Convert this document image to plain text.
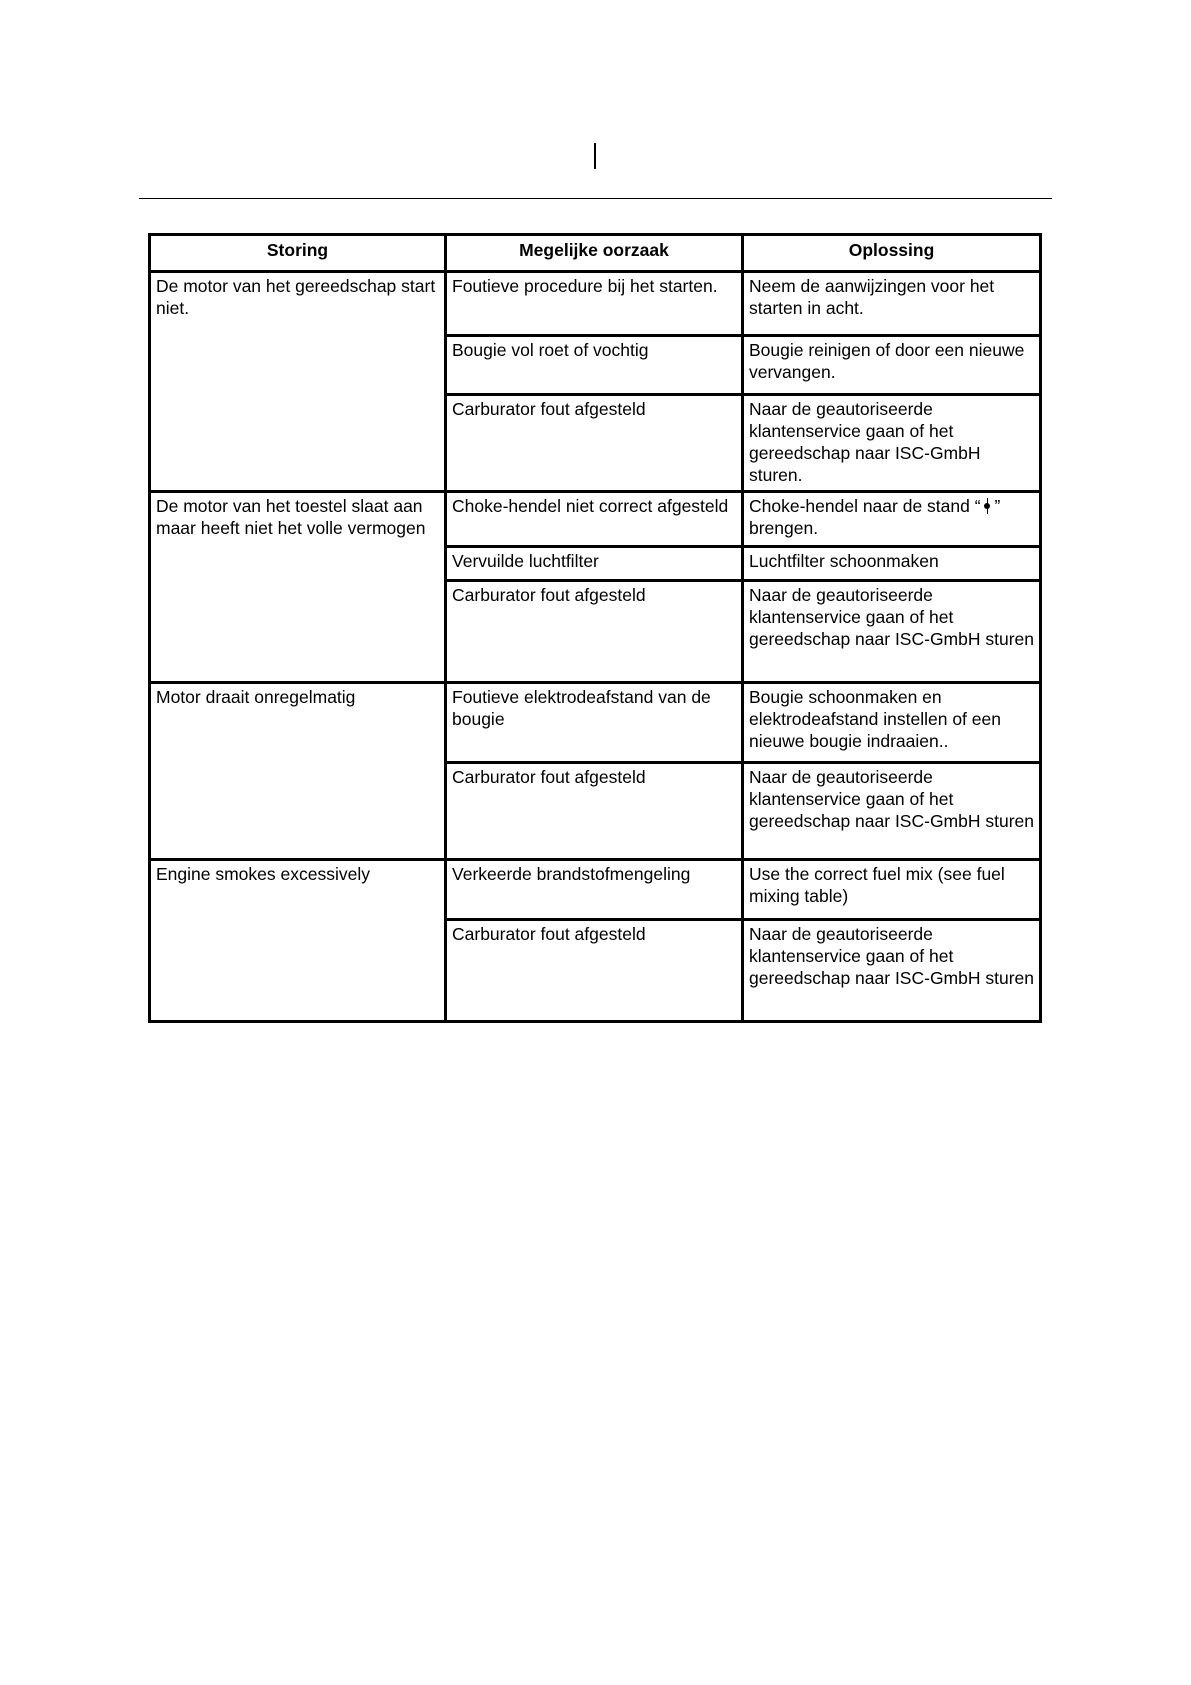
Storing	Megelijke oorzaak	Oplossing
De motor van het gereedschap start niet.	Foutieve procedure bij het starten.	Neem de aanwijzingen voor het starten in acht.
	Bougie vol roet of vochtig	Bougie reinigen of door een nieuwe vervangen.
	Carburator fout afgesteld	Naar de geautoriseerde klantenservice gaan of het gereedschap naar ISC-GmbH sturen.
De motor van het toestel slaat aan maar heeft niet het volle vermogen	Choke-hendel niet correct afgesteld	Choke-hendel naar de stand “ ” brengen.
	Vervuilde luchtfilter	Luchtfilter schoonmaken
	Carburator fout afgesteld	Naar de geautoriseerde klantenservice gaan of het gereedschap naar ISC-GmbH sturen
Motor draait onregelmatig	Foutieve elektrodeafstand van de bougie	Bougie schoonmaken en elektrodeafstand instellen of een nieuwe bougie indraaien..
	Carburator fout afgesteld	Naar de geautoriseerde klantenservice gaan of het gereedschap naar ISC-GmbH sturen
Engine smokes excessively	Verkeerde brandstofmengeling	Use the correct fuel mix (see fuel mixing table)
	Carburator fout afgesteld	Naar de geautoriseerde klantenservice gaan of het gereedschap naar ISC-GmbH sturen
